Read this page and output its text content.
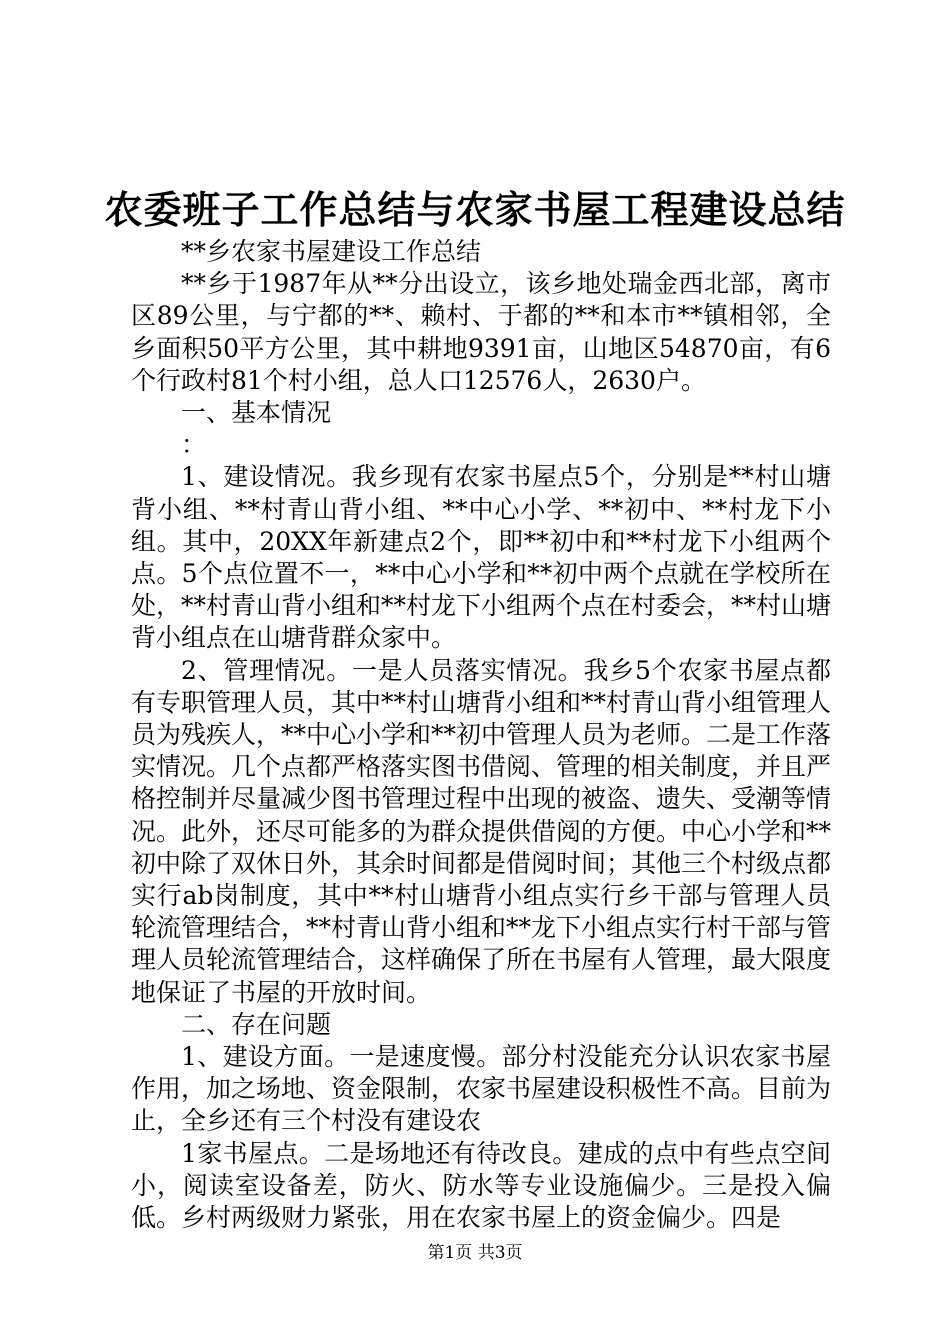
农委班子工作总结与农家书屋工程建设总结

**乡农家书屋建设工作总结

**乡于1987年从**分出设立，该乡地处瑞金西北部，离市区89公里，与宁都的**、赖村、于都的**和本市**镇相邻，全乡面积50平方公里，其中耕地9391亩，山地区54870亩，有6个行政村81个村小组，总人口12576人，2630户。

一、基本情况

：

1、建设情况。我乡现有农家书屋点5个，分别是**村山塘背小组、**村青山背小组、**中心小学、**初中、**村龙下小组。其中，20XX年新建点2个，即**初中和**村龙下小组两个点。5个点位置不一，**中心小学和**初中两个点就在学校所在处，**村青山背小组和**村龙下小组两个点在村委会，**村山塘背小组点在山塘背群众家中。

2、管理情况。一是人员落实情况。我乡5个农家书屋点都有专职管理人员，其中**村山塘背小组和**村青山背小组管理人员为残疾人，**中心小学和**初中管理人员为老师。二是工作落实情况。几个点都严格落实图书借阅、管理的相关制度，并且严格控制并尽量减少图书管理过程中出现的被盗、遗失、受潮等情况。此外，还尽可能多的为群众提供借阅的方便。中心小学和**初中除了双休日外，其余时间都是借阅时间；其他三个村级点都实行ab岗制度，其中**村山塘背小组点实行乡干部与管理人员轮流管理结合，**村青山背小组和**龙下小组点实行村干部与管理人员轮流管理结合，这样确保了所在书屋有人管理，最大限度地保证了书屋的开放时间。

二、存在问题

1、建设方面。一是速度慢。部分村没能充分认识农家书屋作用，加之场地、资金限制，农家书屋建设积极性不高。目前为止，全乡还有三个村没有建设农

1家书屋点。二是场地还有待改良。建成的点中有些点空间小，阅读室设备差，防火、防水等专业设施偏少。三是投入偏低。乡村两级财力紧张，用在农家书屋上的资金偏少。四是

第1页 共3页
